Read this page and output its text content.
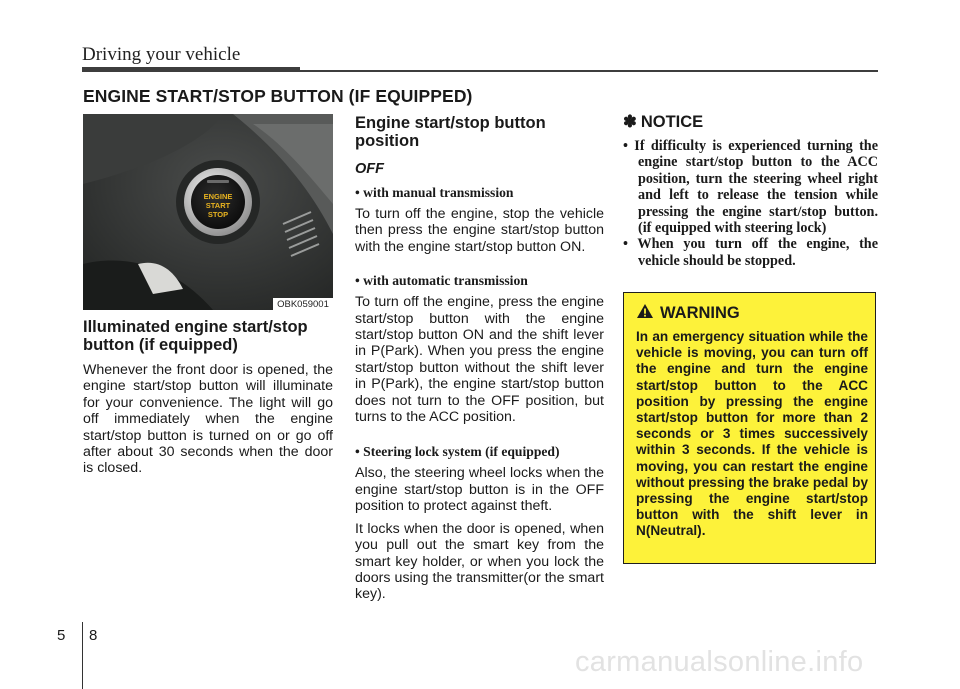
Driving your vehicle
ENGINE START/STOP BUTTON (IF EQUIPPED)
ENGINE
START
STOP
OBK059001
Illuminated engine start/stop button (if equipped)

Whenever the front door is opened, the engine start/stop button will illuminate for your convenience. The light will go off immediately when the engine start/stop button is turned on or go off after about 30 seconds when the door is closed.

Engine start/stop button position

OFF

• with manual transmission

To turn off the engine, stop the vehicle then press the engine start/stop button with the engine start/stop button ON.

• with automatic transmission

To turn off the engine, press the engine start/stop button with the engine start/stop button ON and the shift lever in P(Park). When you press the engine start/stop button without the shift lever in P(Park), the engine start/stop button does not turn to the OFF position, but turns to the ACC position.

• Steering lock system (if equipped)

Also, the steering wheel locks when the engine start/stop button is in the OFF position to protect against theft.

It locks when the door is opened, when you pull out the smart key from the smart key holder, or when you lock the doors using the transmitter(or the smart key).

✽ NOTICE
• If difficulty is experienced turning the engine start/stop button to the ACC position, turn the steering wheel right and left to release the tension while pressing the engine start/stop button. (if equipped with steering lock)
• When you turn off the engine, the vehicle should be stopped.
WARNING

In an emergency situation while the vehicle is moving, you can turn off the engine and turn the engine start/stop button to the ACC position by pressing the engine start/stop button for more than 2 seconds or 3 times successively within 3 seconds. If the vehicle is moving, you can restart the engine without pressing the brake pedal by pressing the engine start/stop button with the shift lever in N(Neutral).

5 8
carmanualsonline.info
